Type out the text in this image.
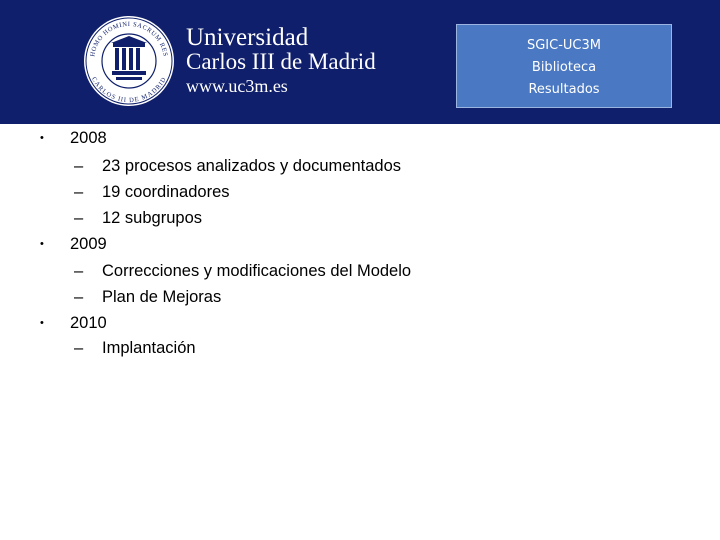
HOMO HOMINI SACRUM RES
CARLOS III DE MADRID
Universidad
Carlos III de Madrid
www.uc3m.es
SGIC-UC3M
Biblioteca
Resultados
• 2008
– 23 procesos analizados y documentados
– 19 coordinadores
– 12 subgrupos
• 2009
– Correcciones y modificaciones del Modelo
– Plan de Mejoras
• 2010
– Implantación
